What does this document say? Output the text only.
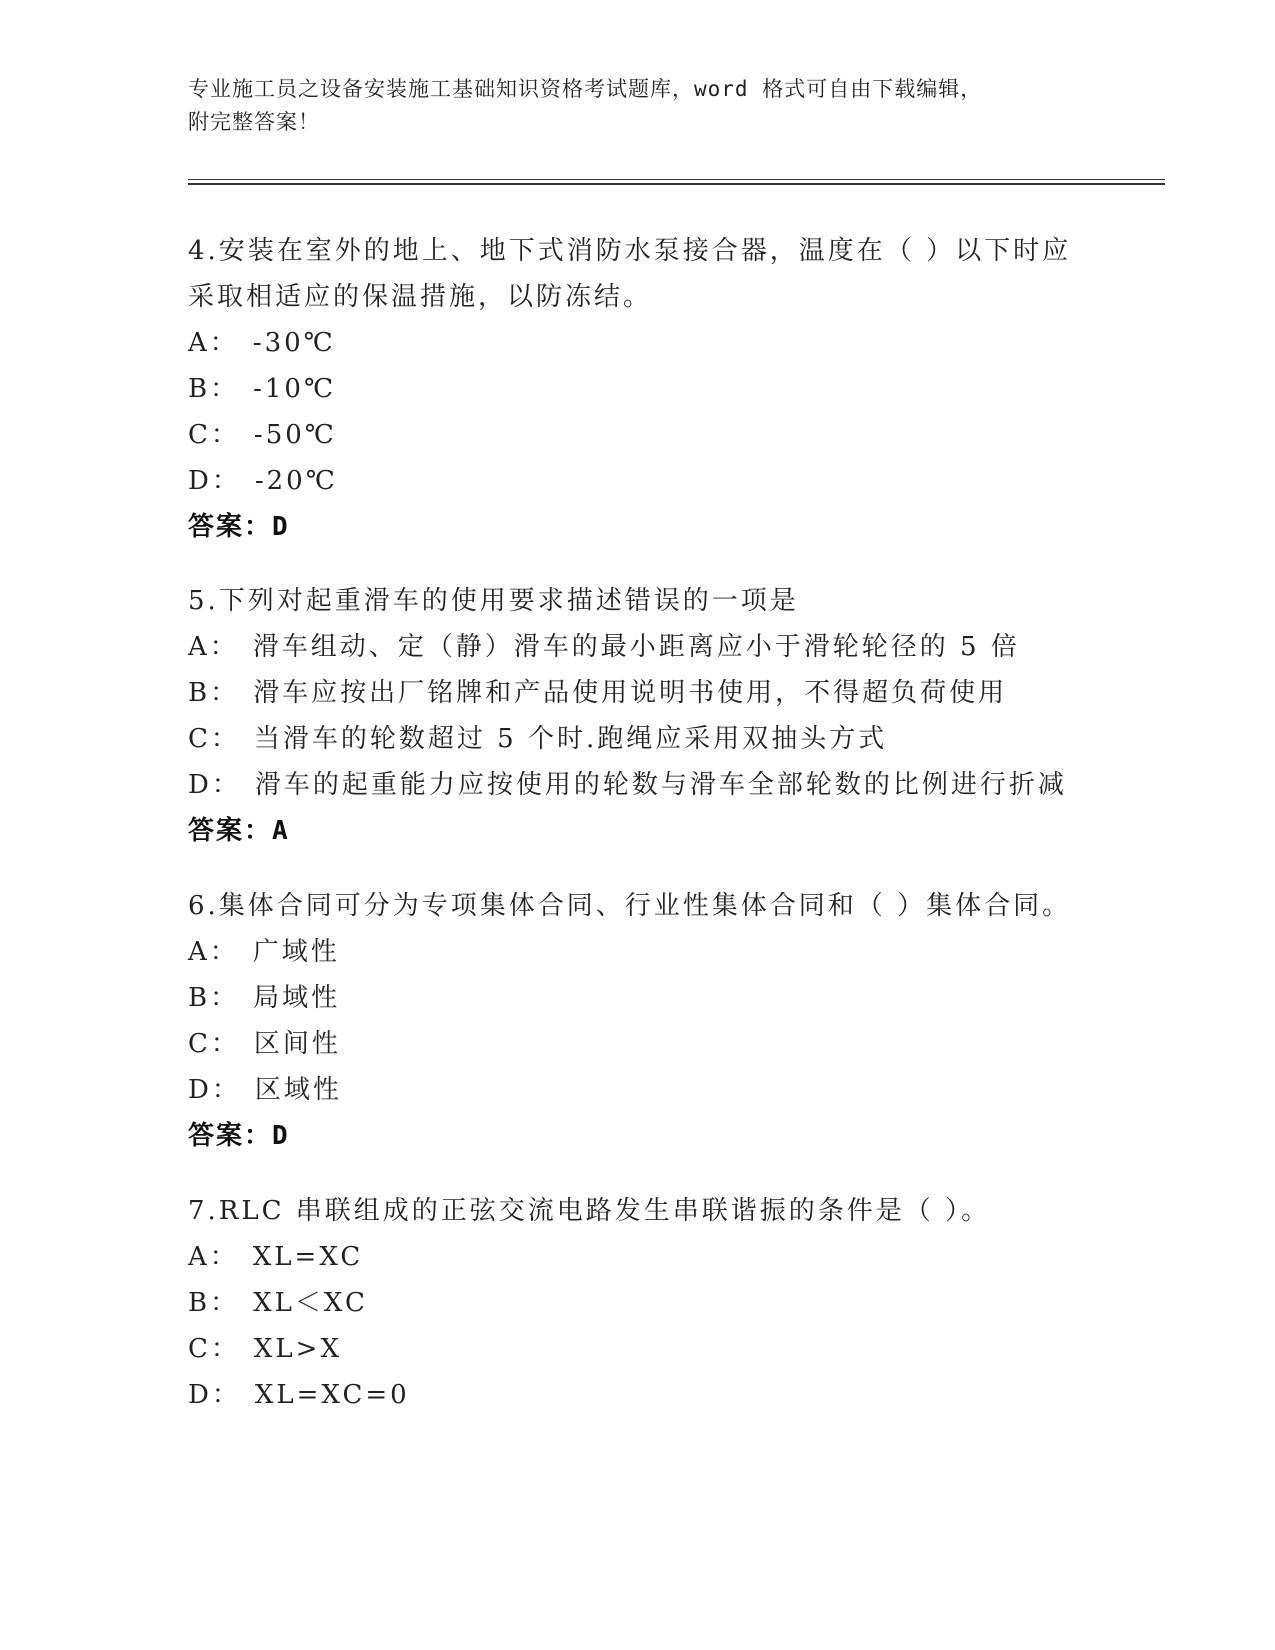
专业施工员之设备安装施工基础知识资格考试题库，word 格式可自由下载编辑，
附完整答案！
4.安装在室外的地上、地下式消防水泵接合器，温度在（ ）以下时应
采取相适应的保温措施，以防冻结。
A： -30℃
B： -10℃
C： -50℃
D： -20℃
答案：D
5.下列对起重滑车的使用要求描述错误的一项是
A： 滑车组动、定（静）滑车的最小距离应小于滑轮轮径的 5 倍
B： 滑车应按出厂铭牌和产品使用说明书使用，不得超负荷使用
C： 当滑车的轮数超过 5 个时.跑绳应采用双抽头方式
D： 滑车的起重能力应按使用的轮数与滑车全部轮数的比例进行折减
答案：A
6.集体合同可分为专项集体合同、行业性集体合同和（ ）集体合同。
A： 广域性
B： 局域性
C： 区间性
D： 区域性
答案：D
7.RLC 串联组成的正弦交流电路发生串联谐振的条件是（ ）。
A： XL=XC
B： XL＜XC
C： XL>X
D： XL=XC=0
